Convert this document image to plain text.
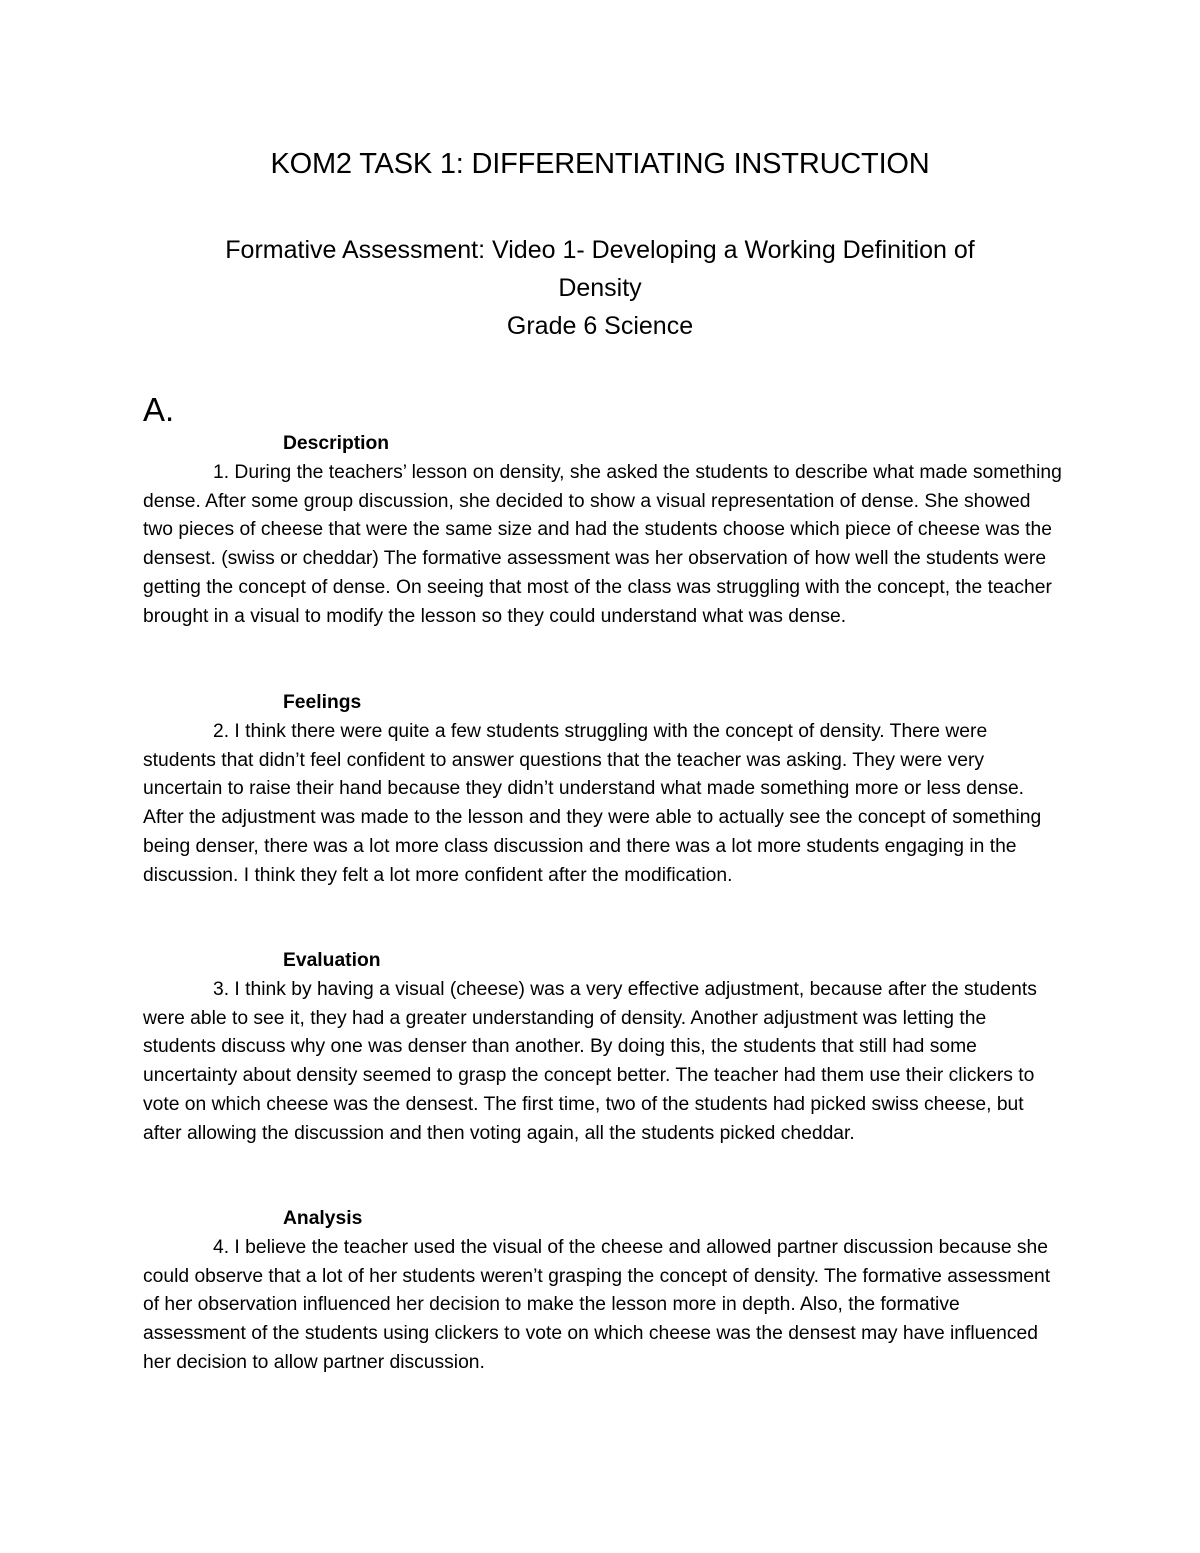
KOM2 TASK 1: DIFFERENTIATING INSTRUCTION
Formative Assessment: Video 1- Developing a Working Definition of
Density
Grade 6 Science
A.
Description

1. During the teachers’ lesson on density, she asked the students to describe what made something dense. After some group discussion, she decided to show a visual representation of dense. She showed two pieces of cheese that were the same size and had the students choose which piece of cheese was the densest. (swiss or cheddar) The formative assessment was her observation of how well the students were getting the concept of dense. On seeing that most of the class was struggling with the concept, the teacher brought in a visual to modify the lesson so they could understand what was dense.

Feelings

2. I think there were quite a few students struggling with the concept of density. There were students that didn’t feel confident to answer questions that the teacher was asking. They were very uncertain to raise their hand because they didn’t understand what made something more or less dense. After the adjustment was made to the lesson and they were able to actually see the concept of something being denser, there was a lot more class discussion and there was a lot more students engaging in the discussion. I think they felt a lot more confident after the modification.

Evaluation

3. I think by having a visual (cheese) was a very effective adjustment, because after the students were able to see it, they had a greater understanding of density. Another adjustment was letting the students discuss why one was denser than another. By doing this, the students that still had some uncertainty about density seemed to grasp the concept better. The teacher had them use their clickers to vote on which cheese was the densest. The first time, two of the students had picked swiss cheese, but after allowing the discussion and then voting again, all the students picked cheddar.

Analysis

4. I believe the teacher used the visual of the cheese and allowed partner discussion because she could observe that a lot of her students weren’t grasping the concept of density. The formative assessment of her observation influenced her decision to make the lesson more in depth. Also, the formative assessment of the students using clickers to vote on which cheese was the densest may have influenced her decision to allow partner discussion.
